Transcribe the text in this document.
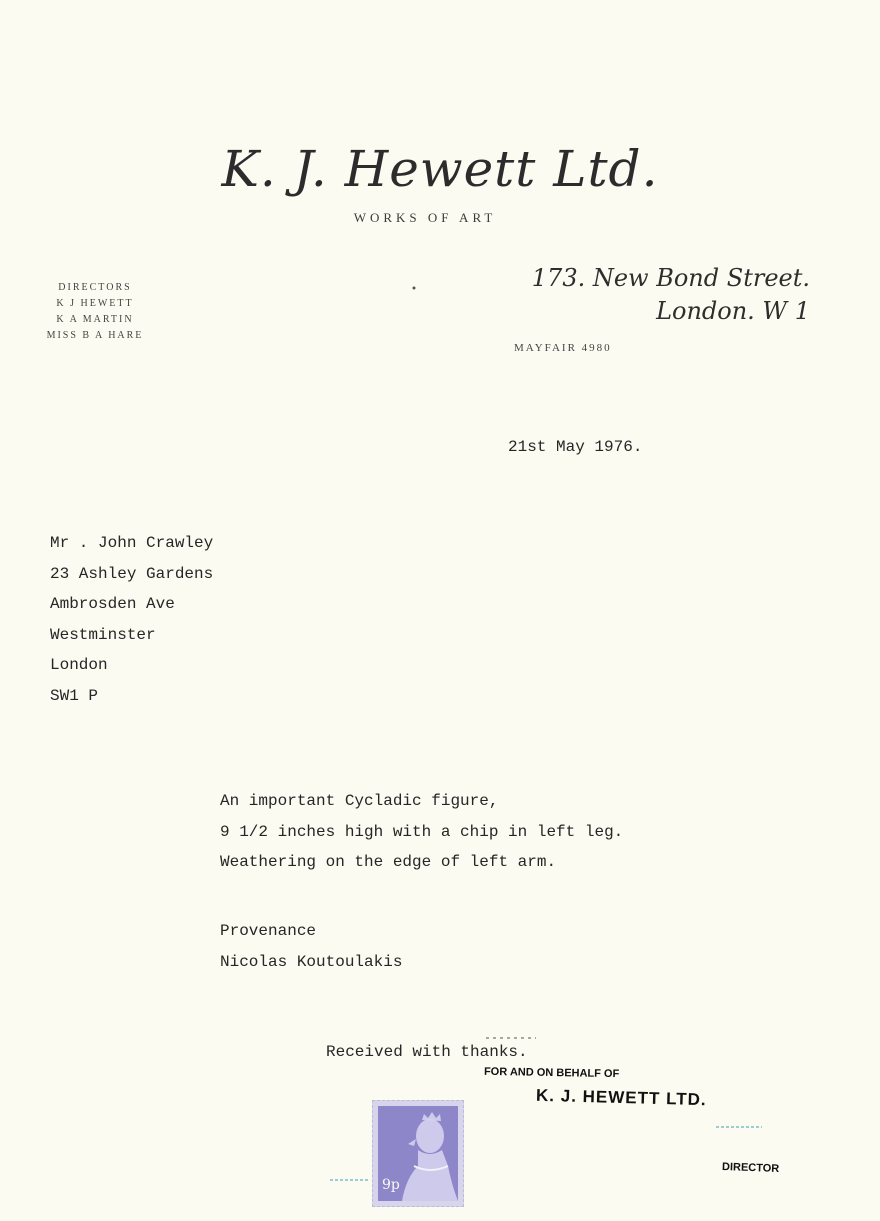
K. J. Hewett Ltd.
WORKS OF ART
DIRECTORS
K J HEWETT
K A MARTIN
MISS B A HARE
173. New Bond Street.
London. W 1
MAYFAIR 4980
21st May 1976.
Mr . John Crawley
23 Ashley Gardens
Ambrosden Ave
Westminster
London
SW1 P
An important Cycladic figure,
9 1/2 inches high with a chip in left leg.
Weathering on the edge of left arm.
Provenance
Nicolas Koutoulakis
Received with thanks.
FOR AND ON BEHALF OF
K. J. HEWETT LTD.
DIRECTOR
9p
